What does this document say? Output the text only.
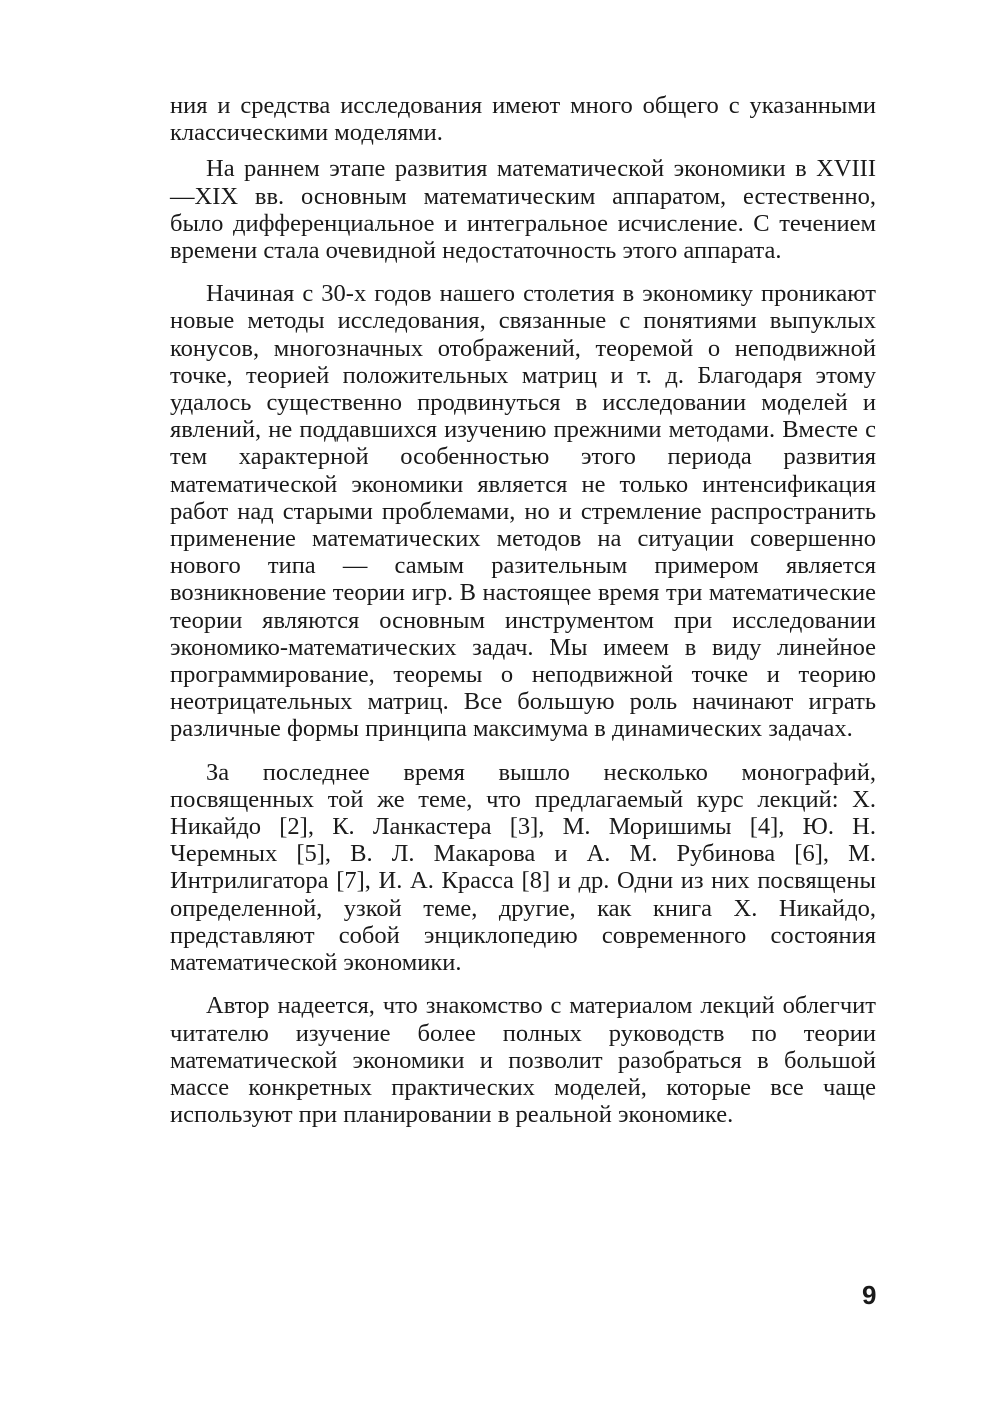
ния и средства исследования имеют много общего с указанными классическими моделями.

На раннем этапе развития математической экономики в XVIII—XIX вв. основным математическим аппаратом, естественно, было дифференциальное и интегральное исчисление. С течением времени стала очевидной недостаточность этого аппарата.

Начиная с 30-х годов нашего столетия в экономику проникают новые методы исследования, связанные с понятиями выпуклых конусов, многозначных отображений, теоремой о неподвижной точке, теорией положительных матриц и т. д. Благодаря этому удалось существенно продвинуться в исследовании моделей и явлений, не поддавшихся изучению прежними методами. Вместе с тем характерной особенностью этого периода развития математической экономики является не только интенсификация работ над старыми проблемами, но и стремление распространить применение математических методов на ситуации совершенно нового типа — самым разительным примером является возникновение теории игр. В настоящее время три математические теории являются основным инструментом при исследовании экономико-математических задач. Мы имеем в виду линейное программирование, теоремы о неподвижной точке и теорию неотрицательных матриц. Все большую роль начинают играть различные формы принципа максимума в динамических задачах.

За последнее время вышло несколько монографий, посвященных той же теме, что предлагаемый курс лекций: Х. Никайдо [2], К. Ланкастера [3], М. Моришимы [4], Ю. Н. Черемных [5], В. Л. Макарова и А. М. Рубинова [6], М. Интрилигатора [7], И. А. Красса [8] и др. Одни из них посвящены определенной, узкой теме, другие, как книга Х. Никайдо, представляют собой энциклопедию современного состояния математической экономики.

Автор надеется, что знакомство с материалом лекций облегчит читателю изучение более полных руководств по теории математической экономики и позволит разобраться в большой массе конкретных практических моделей, которые все чаще используют при планировании в реальной экономике.

9
